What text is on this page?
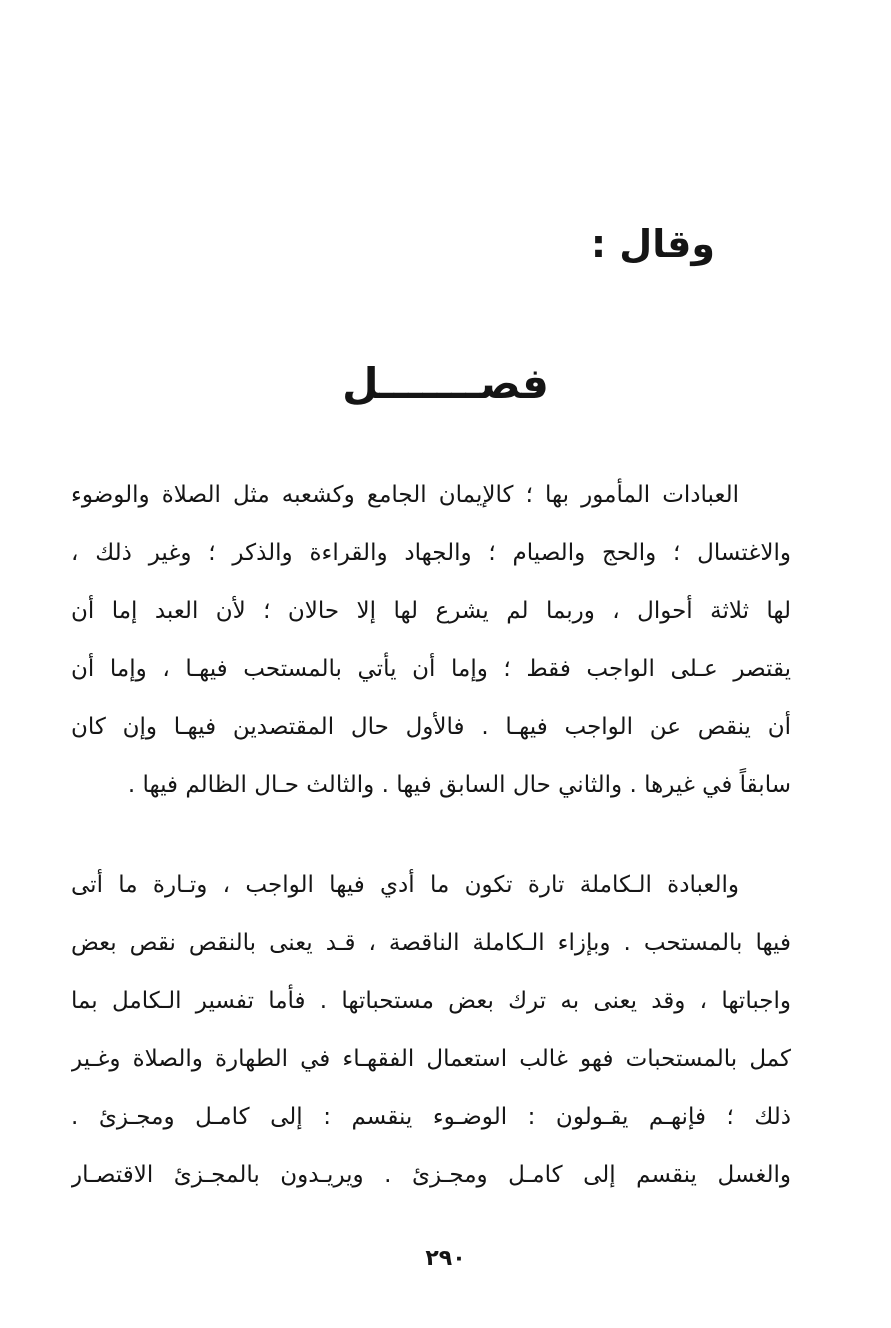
وقال :
فصـــــــل
العبادات المأمور بها ؛ كالإيمان الجامع وكشعبه مثل الصلاة والوضوء
والاغتسال ؛ والحج والصيام ؛ والجهاد والقراءة والذكر ؛ وغير ذلك ،
لها ثلاثة أحوال ، وربما لم يشرع لها إلا حالان ؛ لأن العبد إما أن
يقتصر عـلى الواجب فقط ؛ وإما أن يأتي بالمستحب فيهـا ، وإما أن
أن ينقص عن الواجب فيهـا . فالأول حال المقتصدين فيهـا وإن كان
سابقاً في غيرها . والثاني حال السابق فيها . والثالث حـال الظالم فيها .
والعبادة الـكاملة تارة تكون ما أدي فيها الواجب ، وتـارة ما أتى
فيها بالمستحب . وبإزاء الـكاملة الناقصة ، قـد يعنى بالنقص نقص بعض
واجباتها ، وقد يعنى به ترك بعض مستحباتها . فأما تفسير الـكامل بما
كمل بالمستحبات فهو غالب استعمال الفقهـاء في الطهارة والصلاة وغـير
ذلك ؛ فإنهـم يقـولون : الوضـوء ينقسم : إلى كامـل ومجـزئ .
والغسل ينقسم إلى كامـل ومجـزئ . ويريـدون بالمجـزئ الاقتصـار
٢٩٠
